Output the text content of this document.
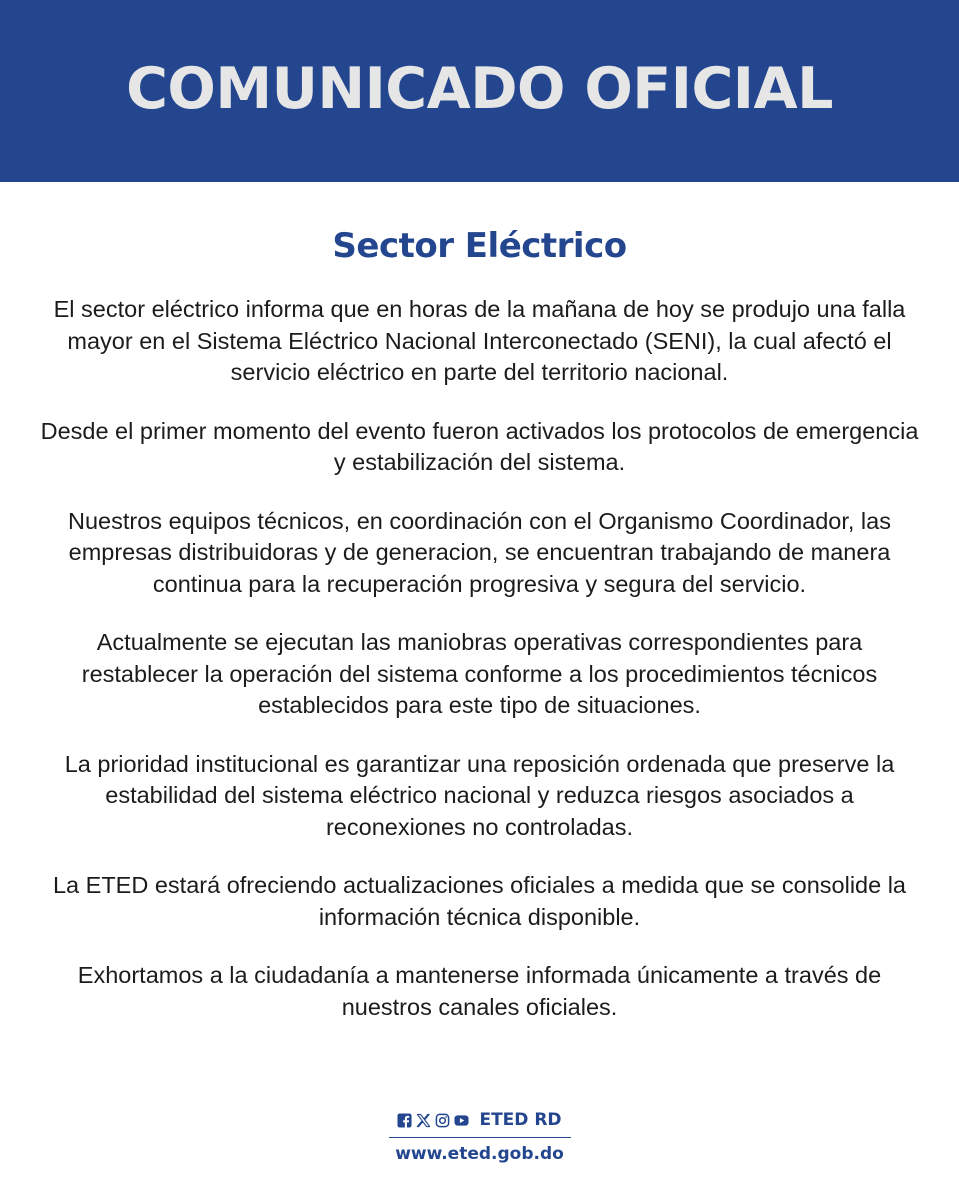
COMUNICADO OFICIAL
Sector Eléctrico

El sector eléctrico informa que en horas de la mañana de hoy se produjo una falla mayor en el Sistema Eléctrico Nacional Interconectado (SENI), la cual afectó el servicio eléctrico en parte del territorio nacional.

Desde el primer momento del evento fueron activados los protocolos de emergencia y estabilización del sistema.

Nuestros equipos técnicos, en coordinación con el Organismo Coordinador, las empresas distribuidoras y de generacion, se encuentran trabajando de manera continua para la recuperación progresiva y segura del servicio.

Actualmente se ejecutan las maniobras operativas correspondientes para restablecer la operación del sistema conforme a los procedimientos técnicos establecidos para este tipo de situaciones.

La prioridad institucional es garantizar una reposición ordenada que preserve la estabilidad del sistema eléctrico nacional y reduzca riesgos asociados a reconexiones no controladas.

La ETED estará ofreciendo actualizaciones oficiales a medida que se consolide la información técnica disponible.

Exhortamos a la ciudadanía a mantenerse informada únicamente a través de nuestros canales oficiales.

ETED RD
www.eted.gob.do
